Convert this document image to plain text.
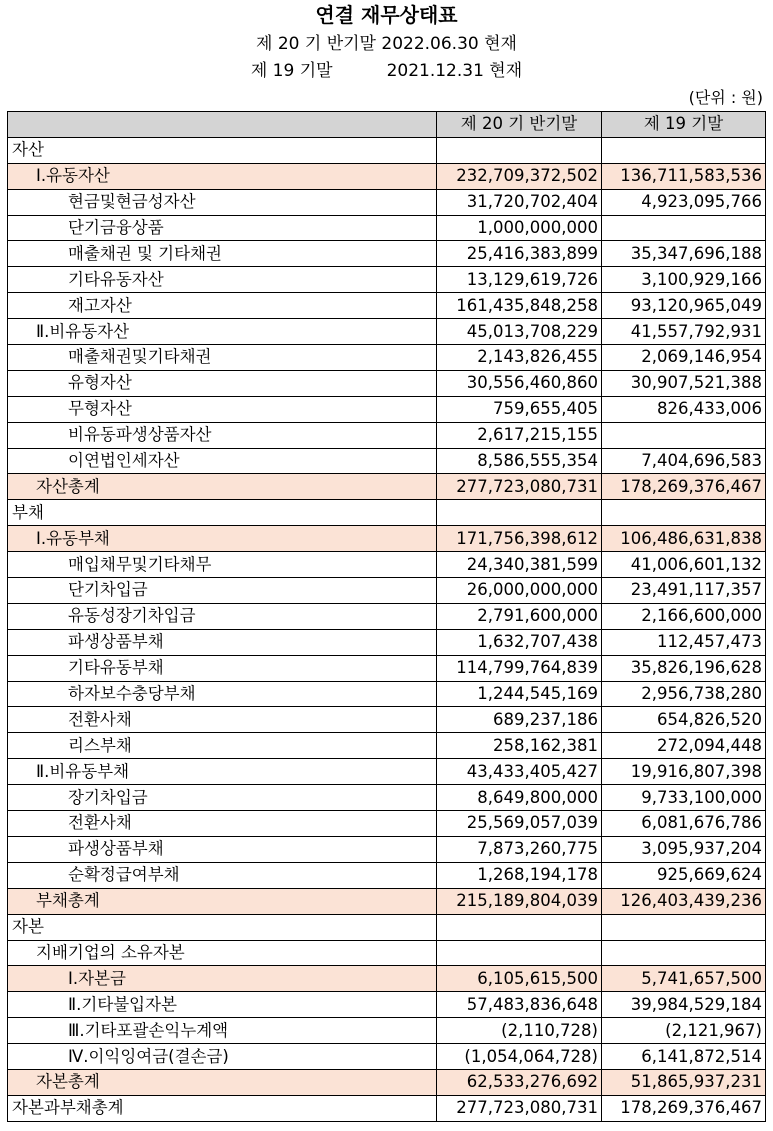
연결 재무상태표
제 20 기 반기말 2022.06.30 현재
제 19 기말          2021.12.31 현재
(단위 : 원)
	제 20 기 반기말	제 19 기말
자산		
Ⅰ.유동자산	232,709,372,502	136,711,583,536
현금및현금성자산	31,720,702,404	4,923,095,766
단기금융상품	1,000,000,000	
매출채권 및 기타채권	25,416,383,899	35,347,696,188
기타유동자산	13,129,619,726	3,100,929,166
재고자산	161,435,848,258	93,120,965,049
Ⅱ.비유동자산	45,013,708,229	41,557,792,931
매출채권및기타채권	2,143,826,455	2,069,146,954
유형자산	30,556,460,860	30,907,521,388
무형자산	759,655,405	826,433,006
비유동파생상품자산	2,617,215,155	
이연법인세자산	8,586,555,354	7,404,696,583
자산총계	277,723,080,731	178,269,376,467
부채		
Ⅰ.유동부채	171,756,398,612	106,486,631,838
매입채무및기타채무	24,340,381,599	41,006,601,132
단기차입금	26,000,000,000	23,491,117,357
유동성장기차입금	2,791,600,000	2,166,600,000
파생상품부채	1,632,707,438	112,457,473
기타유동부채	114,799,764,839	35,826,196,628
하자보수충당부채	1,244,545,169	2,956,738,280
전환사채	689,237,186	654,826,520
리스부채	258,162,381	272,094,448
Ⅱ.비유동부채	43,433,405,427	19,916,807,398
장기차입금	8,649,800,000	9,733,100,000
전환사채	25,569,057,039	6,081,676,786
파생상품부채	7,873,260,775	3,095,937,204
순확정급여부채	1,268,194,178	925,669,624
부채총계	215,189,804,039	126,403,439,236
자본		
지배기업의 소유자본		
Ⅰ.자본금	6,105,615,500	5,741,657,500
Ⅱ.기타불입자본	57,483,836,648	39,984,529,184
Ⅲ.기타포괄손익누계액	(2,110,728)	(2,121,967)
Ⅳ.이익잉여금(결손금)	(1,054,064,728)	6,141,872,514
자본총계	62,533,276,692	51,865,937,231
자본과부채총계	277,723,080,731	178,269,376,467
